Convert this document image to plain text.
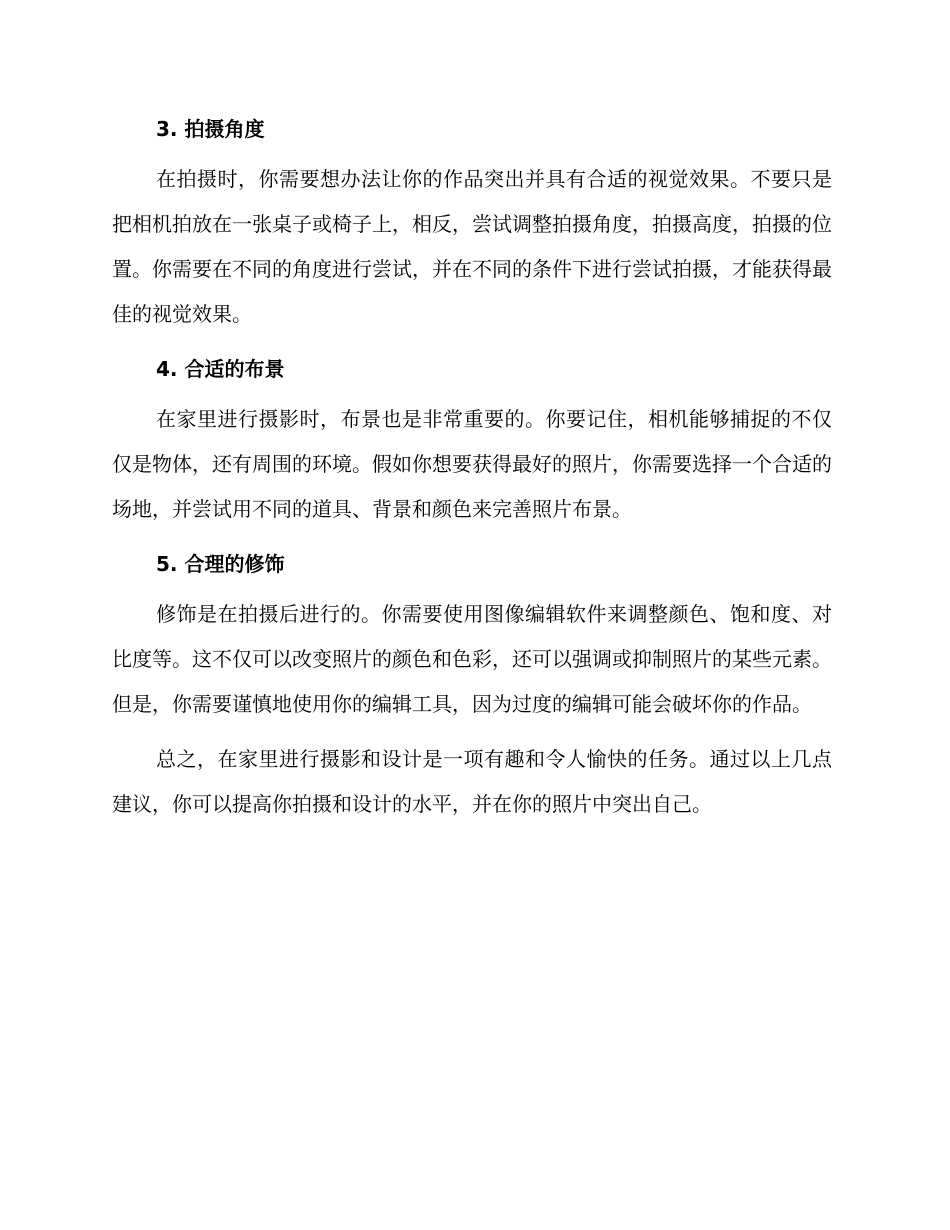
3. 拍摄角度

在拍摄时，你需要想办法让你的作品突出并具有合适的视觉效果。不要只是把相机拍放在一张桌子或椅子上，相反，尝试调整拍摄角度，拍摄高度，拍摄的位置。你需要在不同的角度进行尝试，并在不同的条件下进行尝试拍摄，才能获得最佳的视觉效果。

4. 合适的布景

在家里进行摄影时，布景也是非常重要的。你要记住，相机能够捕捉的不仅仅是物体，还有周围的环境。假如你想要获得最好的照片，你需要选择一个合适的场地，并尝试用不同的道具、背景和颜色来完善照片布景。

5. 合理的修饰

修饰是在拍摄后进行的。你需要使用图像编辑软件来调整颜色、饱和度、对比度等。这不仅可以改变照片的颜色和色彩，还可以强调或抑制照片的某些元素。但是，你需要谨慎地使用你的编辑工具，因为过度的编辑可能会破坏你的作品。

总之，在家里进行摄影和设计是一项有趣和令人愉快的任务。通过以上几点建议，你可以提高你拍摄和设计的水平，并在你的照片中突出自己。
